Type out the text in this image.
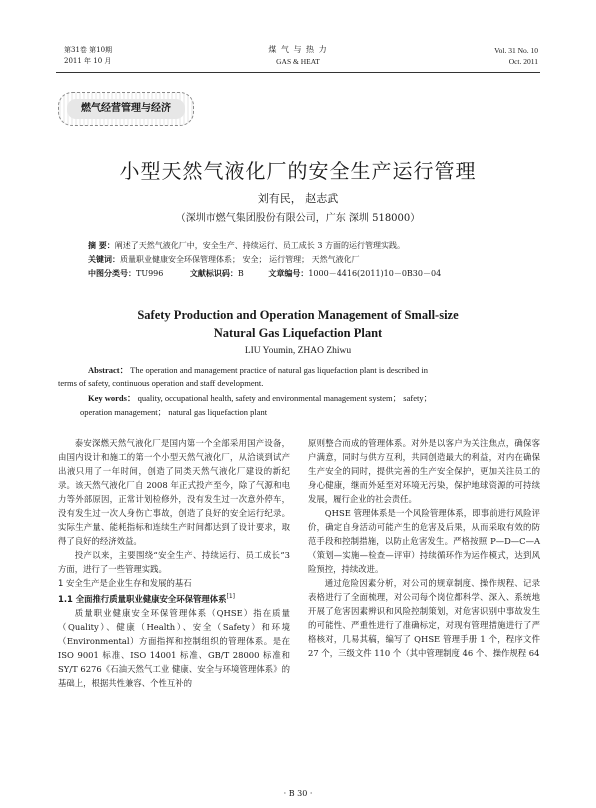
第31卷 第10期
2011 年 10 月
煤 气 与 热 力
GAS & HEAT
Vol. 31 No. 10
Oct. 2011
燃气经营管理与经济
小型天然气液化厂的安全生产运行管理
刘有民， 赵志武
（深圳市燃气集团股份有限公司，广东 深圳 518000）
摘 要：阐述了天然气液化厂中，安全生产、持续运行、员工成长 3 方面的运行管理实践。
关键词：质量职业健康安全环保管理体系； 安全； 运行管理； 天然气液化厂
中图分类号：TU996	文献标识码：B	文章编号：1000－4416(2011)10－0B30－04
Safety Production and Operation Management of Small-size
Natural Gas Liquefaction Plant
LIU Youmin, ZHAO Zhiwu
Abstract： The operation and management practice of natural gas liquefaction plant is described in
terms of safety, continuous operation and staff development.
Key words： quality, occupational health, safety and environmental management system； safety；
operation management； natural gas liquefaction plant

泰安深燃天然气液化厂是国内第一个全部采用国产设备，由国内设计和施工的第一个小型天然气液化厂，从洽谈到试产出液只用了一年时间，创造了同类天然气液化厂建设的新纪录。该天然气液化厂自 2008 年正式投产至今，除了气源和电力等外部原因，正常计划检修外，没有发生过一次意外停车，没有发生过一次人身伤亡事故，创造了良好的安全运行纪录。实际生产量、能耗指标和连续生产时间都达到了设计要求，取得了良好的经济效益。

投产以来，主要围绕“安全生产、持续运行、员工成长”3 方面，进行了一些管理实践。

1 安全生产是企业生存和发展的基石
1.1 全面推行质量职业健康安全环保管理体系[1]

质量职业健康安全环保管理体系（QHSE）指在质量（Quality）、健康（Health）、安全（Safety）和环境（Environmental）方面指挥和控制组织的管理体系。是在 ISO 9001 标准、ISO 14001 标准、GB/T 28000 标准和 SY/T 6276《石油天然气工业 健康、安全与环境管理体系》的基础上，根据共性兼容、个性互补的

原则整合而成的管理体系。对外是以客户为关注焦点，确保客户满意，同时与供方互利，共同创造最大的利益，对内在确保生产安全的同时，提供完善的生产安全保护，更加关注员工的身心健康，继而外延至对环境无污染，保护地球资源的可持续发展，履行企业的社会责任。

QHSE 管理体系是一个风险管理体系，即事前进行风险评价，确定自身活动可能产生的危害及后果，从而采取有效的防范手段和控制措施，以防止危害发生。严格按照 P—D—C—A（策划—实施—检查—评审）持续循环作为运作模式，达到风险预控，持续改进。

通过危险因素分析，对公司的规章制度、操作规程、记录表格进行了全面梳理，对公司每个岗位都科学、深入、系统地开展了危害因素辨识和风险控制策划，对危害识别中事故发生的可能性、严重性进行了准确标定，对现有管理措施进行了严格核对，几易其稿，编写了 QHSE 管理手册 1 个，程序文件 27 个，三级文件 110 个（其中管理制度 46 个、操作规程 64

· B 30 ·
